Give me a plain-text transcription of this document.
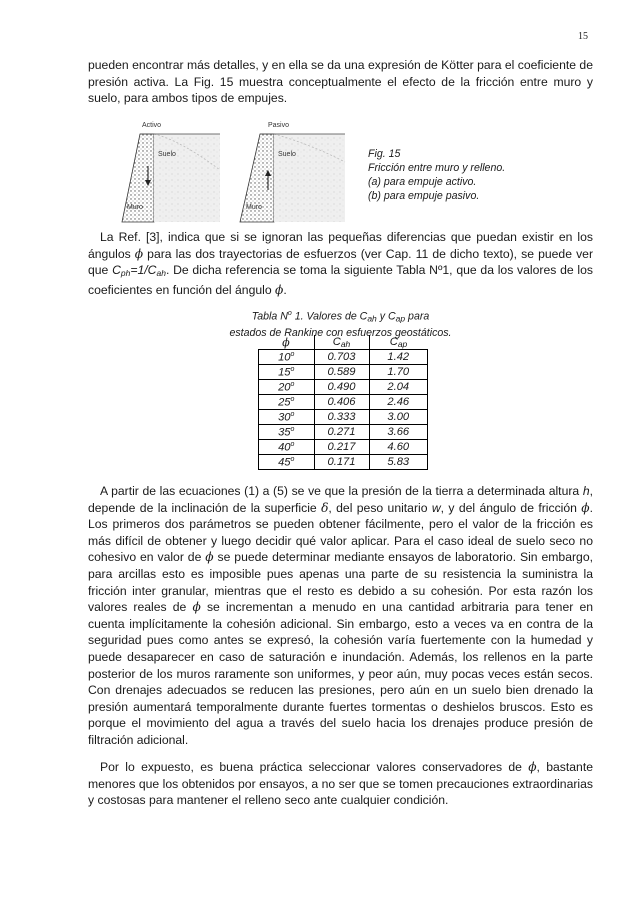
15

pueden encontrar más detalles, y en ella se da una expresión de Kötter para el coeficiente de presión activa. La Fig. 15 muestra conceptualmente el efecto de la fricción entre muro y suelo, para ambos tipos de empujes.

Activo
Suelo
Muro
Pasivo
Suelo
Muro
Fig. 15
Fricción entre muro y relleno.
(a) para empuje activo.
(b) para empuje pasivo.

La Ref. [3], indica que si se ignoran las pequeñas diferencias que puedan existir en los ángulos ϕ para las dos trayectorias de esfuerzos (ver Cap. 11 de dicho texto), se puede ver que $C_{ph}=1/C_{ah}$. De dicha referencia se toma la siguiente Tabla Nº1, que da los valores de los coeficientes en función del ángulo ϕ.

Tabla $N^o$ 1. Valores de $C_{ah}$ y $C_{ap}$ para
estados de Rankine con esfuerzos geostáticos.
ϕ	$C_{ah}$	$C_{ap}$
10$^o$	0.703	1.42
15$^o$	0.589	1.70
20$^o$	0.490	2.04
25$^o$	0.406	2.46
30$^o$	0.333	3.00
35$^o$	0.271	3.66
40$^o$	0.217	4.60
45$^o$	0.171	5.83

A partir de las ecuaciones (1) a (5) se ve que la presión de la tierra a determinada altura h, depende de la inclinación de la superficie δ, del peso unitario w, y del ángulo de fricción ϕ. Los primeros dos parámetros se pueden obtener fácilmente, pero el valor de la fricción es más difícil de obtener y luego decidir qué valor aplicar. Para el caso ideal de suelo seco no cohesivo en valor de ϕ se puede determinar mediante ensayos de laboratorio. Sin embargo, para arcillas esto es imposible pues apenas una parte de su resistencia la suministra la fricción inter granular, mientras que el resto es debido a su cohesión. Por esta razón los valores reales de ϕ se incrementan a menudo en una cantidad arbitraria para tener en cuenta implícitamente la cohesión adicional. Sin embargo, esto a veces va en contra de la seguridad pues como antes se expresó, la cohesión varía fuertemente con la humedad y puede desaparecer en caso de saturación e inundación. Además, los rellenos en la parte posterior de los muros raramente son uniformes, y peor aún, muy pocas veces están secos. Con drenajes adecuados se reducen las presiones, pero aún en un suelo bien drenado la presión aumentará temporalmente durante fuertes tormentas o deshielos bruscos. Esto es porque el movimiento del agua a través del suelo hacia los drenajes produce presión de filtración adicional.

Por lo expuesto, es buena práctica seleccionar valores conservadores de ϕ, bastante menores que los obtenidos por ensayos, a no ser que se tomen precauciones extraordinarias y costosas para mantener el relleno seco ante cualquier condición.
